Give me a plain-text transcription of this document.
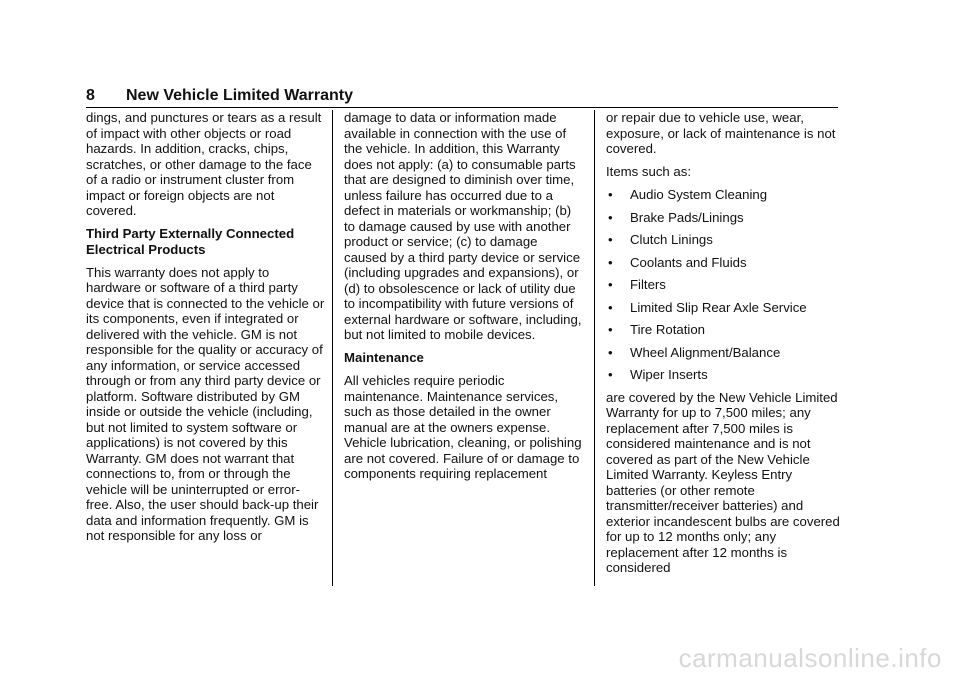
8	New Vehicle Limited Warranty

dings, and punctures or tears as a result of impact with other objects or road hazards. In addition, cracks, chips, scratches, or other damage to the face of a radio or instrument cluster from impact or foreign objects are not covered.

Third Party Externally Connected Electrical Products

This warranty does not apply to hardware or software of a third party device that is connected to the vehicle or its components, even if integrated or delivered with the vehicle. GM is not responsible for the quality or accuracy of any information, or service accessed through or from any third party device or platform. Software distributed by GM inside or outside the vehicle (including, but not limited to system software or applications) is not covered by this Warranty. GM does not warrant that connections to, from or through the vehicle will be uninterrupted or error-free. Also, the user should back-up their data and information frequently. GM is not responsible for any loss or

damage to data or information made available in connection with the use of the vehicle. In addition, this Warranty does not apply: (a) to consumable parts that are designed to diminish over time, unless failure has occurred due to a defect in materials or workmanship; (b) to damage caused by use with another product or service; (c) to damage caused by a third party device or service (including upgrades and expansions), or (d) to obsolescence or lack of utility due to incompatibility with future versions of external hardware or software, including, but not limited to mobile devices.

Maintenance

All vehicles require periodic maintenance. Maintenance services, such as those detailed in the owner manual are at the owners expense. Vehicle lubrication, cleaning, or polishing are not covered. Failure of or damage to components requiring replacement

or repair due to vehicle use, wear, exposure, or lack of maintenance is not covered.

Items such as:

•	Audio System Cleaning
•	Brake Pads/Linings
•	Clutch Linings
•	Coolants and Fluids
•	Filters
•	Limited Slip Rear Axle Service
•	Tire Rotation
•	Wheel Alignment/Balance
•	Wiper Inserts

are covered by the New Vehicle Limited Warranty for up to 7,500 miles; any replacement after 7,500 miles is considered maintenance and is not covered as part of the New Vehicle Limited Warranty. Keyless Entry batteries (or other remote transmitter/receiver batteries) and exterior incandescent bulbs are covered for up to 12 months only; any replacement after 12 months is considered

carmanualsonline.info
